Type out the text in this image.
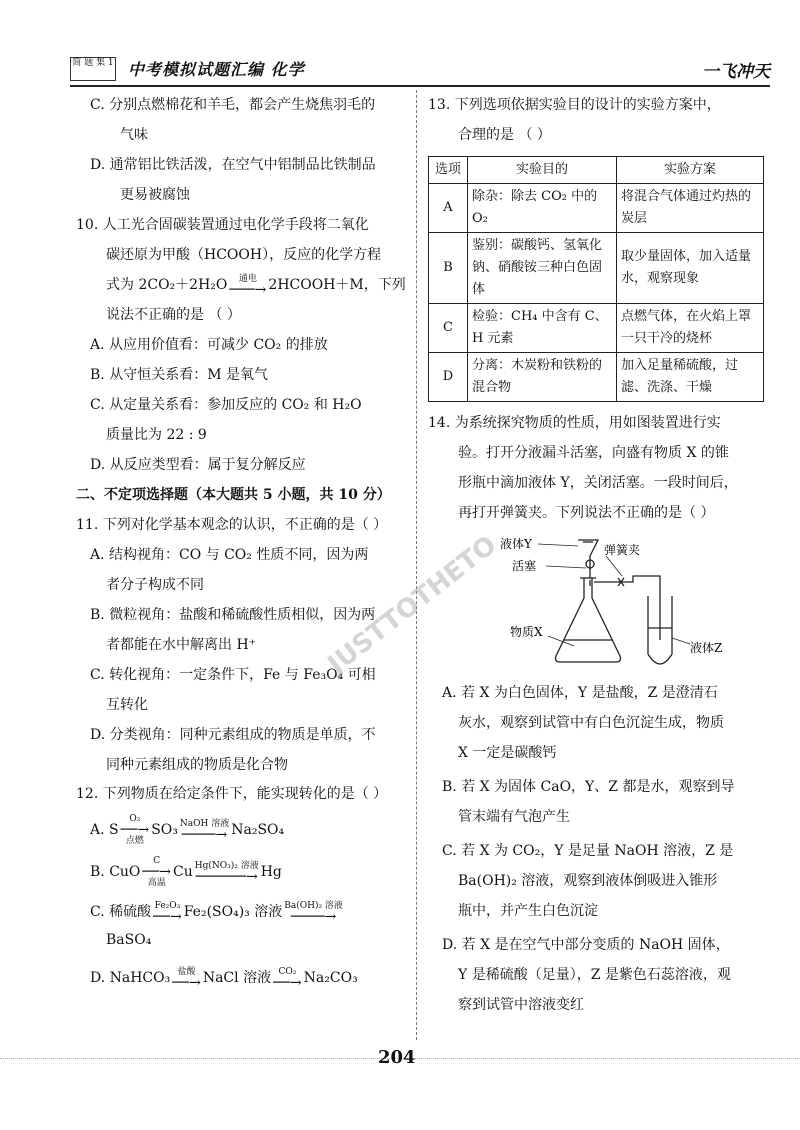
简 题 集 1 中考模拟试题汇编 化学	一飞冲天
C. 分别点燃棉花和羊毛，都会产生烧焦羽毛的
气味
D. 通常铝比铁活泼，在空气中铝制品比铁制品
更易被腐蚀
10. 人工光合固碳装置通过电化学手段将二氧化
碳还原为甲酸（HCOOH），反应的化学方程
式为 2CO₂＋2H₂O 通电
───→ 2HCOOH＋M，下列
说法不正确的是 （ ）
A. 从应用价值看：可减少 CO₂ 的排放
B. 从守恒关系看：M 是氧气
C. 从定量关系看：参加反应的 CO₂ 和 H₂O
质量比为 22 : 9
D. 从反应类型看：属于复分解反应
二、不定项选择题（本大题共 5 小题，共 10 分）
11. 下列对化学基本观念的认识，不正确的是（ ）
A. 结构视角：CO 与 CO₂ 性质不同，因为两
者分子构成不同
B. 微粒视角：盐酸和稀硫酸性质相似，因为两
者都能在水中解离出 H⁺
C. 转化视角：一定条件下，Fe 与 Fe₃O₄ 可相
互转化
D. 分类视角：同种元素组成的物质是单质，不
同种元素组成的物质是化合物
12. 下列物质在给定条件下，能实现转化的是（ ）
A. S
O₂
──→
点燃
SO₃ NaOH 溶液
────→ Na₂SO₄
B. CuO
C
──→
高温
Cu Hg(NO₃)₂ 溶液
──────→ Hg
C. 稀硫酸 Fe₂O₃
──→ Fe₂(SO₄)₃ 溶液 Ba(OH)₂ 溶液
────→
BaSO₄
D. NaHCO₃ 盐酸
──→ NaCl 溶液 CO₂
──→ Na₂CO₃
13. 下列选项依据实验目的设计的实验方案中，
合理的是 （ ）
选项	实验目的	实验方案
A	除杂：除去 CO₂ 中的 O₂	将混合气体通过灼热的炭层
B	鉴别：碳酸钙、氢氧化钠、硝酸铵三种白色固体	取少量固体，加入适量水，观察现象
C	检验：CH₄ 中含有 C、H 元素	点燃气体，在火焰上罩一只干冷的烧杯
D	分离：木炭粉和铁粉的混合物	加入足量稀硫酸，过滤、洗涤、干燥
14. 为系统探究物质的性质，用如图装置进行实
验。打开分液漏斗活塞，向盛有物质 X 的锥
形瓶中滴加液体 Y，关闭活塞。一段时间后，
再打开弹簧夹。下列说法不正确的是（ ）
液体Y	弹簧夹
活塞
物质X
液体Z
A. 若 X 为白色固体，Y 是盐酸，Z 是澄清石
灰水，观察到试管中有白色沉淀生成，物质
X 一定是碳酸钙
B. 若 X 为固体 CaO，Y、Z 都是水，观察到导
管末端有气泡产生
C. 若 X 为 CO₂，Y 是足量 NaOH 溶液，Z 是
Ba(OH)₂ 溶液，观察到液体倒吸进入锥形
瓶中，并产生白色沉淀
D. 若 X 是在空气中部分变质的 NaOH 固体，
Y 是稀硫酸（足量），Z 是紫色石蕊溶液，观
察到试管中溶液变红
JUSTTOTHETO
204
